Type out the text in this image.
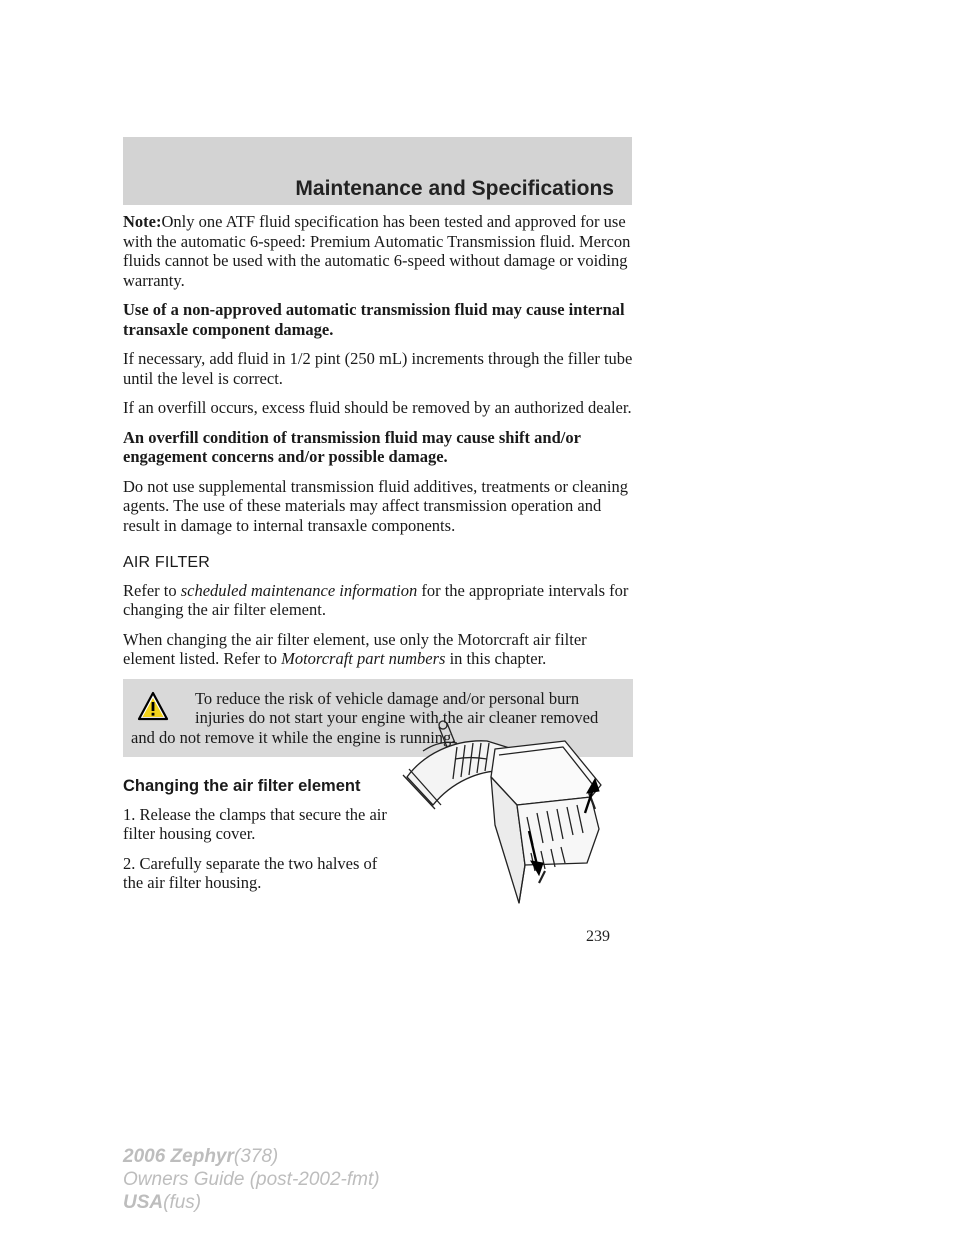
Maintenance and Specifications

Note:Only one ATF fluid specification has been tested and approved for use with the automatic 6-speed: Premium Automatic Transmission fluid. Mercon fluids cannot be used with the automatic 6-speed without damage or voiding warranty.

Use of a non-approved automatic transmission fluid may cause internal transaxle component damage.

If necessary, add fluid in 1/2 pint (250 mL) increments through the filler tube until the level is correct.

If an overfill occurs, excess fluid should be removed by an authorized dealer.

An overfill condition of transmission fluid may cause shift and/or engagement concerns and/or possible damage.

Do not use supplemental transmission fluid additives, treatments or cleaning agents. The use of these materials may affect transmission operation and result in damage to internal transaxle components.

AIR FILTER

Refer to scheduled maintenance information for the appropriate intervals for changing the air filter element.

When changing the air filter element, use only the Motorcraft air filter element listed. Refer to Motorcraft part numbers in this chapter.

To reduce the risk of vehicle damage and/or personal burn injuries do not start your engine with the air cleaner removed
and do not remove it while the engine is running.
Changing the air filter element

1. Release the clamps that secure the air filter housing cover.

2. Carefully separate the two halves of the air filter housing.

239
2006 Zephyr(378)
Owners Guide (post-2002-fmt)
USA(fus)
